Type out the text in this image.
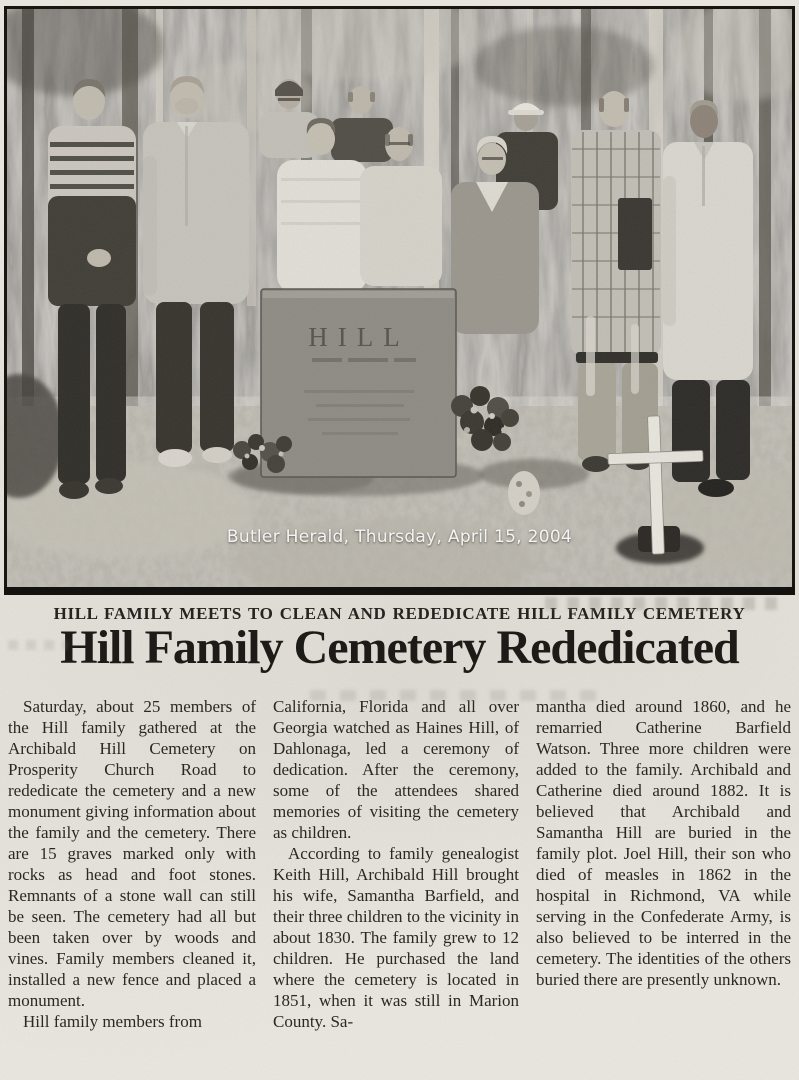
HILL
Butler Herald, Thursday, April 15, 2004
HILL FAMILY MEETS TO CLEAN AND REDEDICATE HILL FAMILY CEMETERY
Hill Family Cemetery Rededicated

Saturday, about 25 members of the Hill family gathered at the Archibald Hill Cemetery on Prosperity Church Road to rededicate the cemetery and a new monument giving information about the family and the cemetery. There are 15 graves marked only with rocks as head and foot stones. Remnants of a stone wall can still be seen. The cemetery had all but been taken over by woods and vines. Family members cleaned it, installed a new fence and placed a monument.

Hill family members from

California, Florida and all over Georgia watched as Haines Hill, of Dahlonaga, led a ceremony of dedication. After the ceremony, some of the attendees shared memories of visiting the cemetery as children.

According to family genealogist Keith Hill, Archibald Hill brought his wife, Samantha Barfield, and their three children to the vicinity in about 1830. The family grew to 12 children. He purchased the land where the cemetery is located in 1851, when it was still in Marion County. Sa-

mantha died around 1860, and he remarried Catherine Barfield Watson. Three more children were added to the family. Archibald and Catherine died around 1882. It is believed that Archibald and Samantha Hill are buried in the family plot. Joel Hill, their son who died of measles in 1862 in the hospital in Richmond, VA while serving in the Confederate Army, is also believed to be interred in the cemetery. The identities of the others buried there are presently unknown.
